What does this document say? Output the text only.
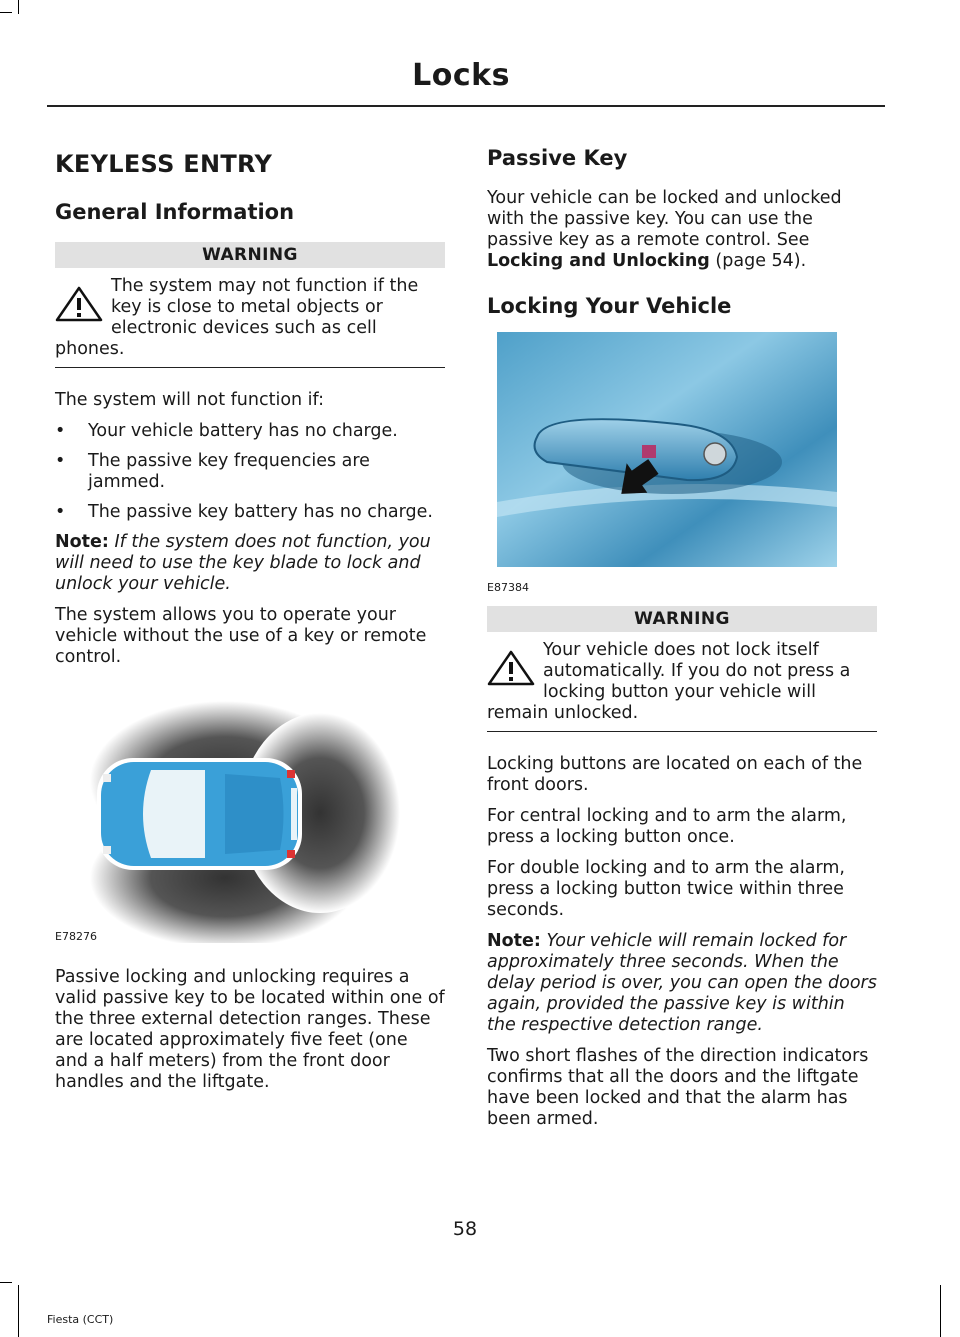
Locks
KEYLESS ENTRY
General Information
WARNING
The system may not function if the key is close to metal objects or electronic devices such as cell phones.

The system will not function if:

• Your vehicle battery has no charge.
• The passive key frequencies are jammed.
• The passive key battery has no charge.

Note: If the system does not function, you will need to use the key blade to lock and unlock your vehicle.

The system allows you to operate your vehicle without the use of a key or remote control.

E78276

Passive locking and unlocking requires a valid passive key to be located within one of the three external detection ranges. These are located approximately five feet (one and a half meters) from the front door handles and the liftgate.

Passive Key

Your vehicle can be locked and unlocked with the passive key. You can use the passive key as a remote control. See Locking and Unlocking (page 54).

Locking Your Vehicle
E87384
WARNING
Your vehicle does not lock itself automatically. If you do not press a locking button your vehicle will remain unlocked.

Locking buttons are located on each of the front doors.

For central locking and to arm the alarm, press a locking button once.

For double locking and to arm the alarm, press a locking button twice within three seconds.

Note: Your vehicle will remain locked for approximately three seconds. When the delay period is over, you can open the doors again, provided the passive key is within the respective detection range.

Two short flashes of the direction indicators confirms that all the doors and the liftgate have been locked and that the alarm has been armed.

58
Fiesta (CCT)
